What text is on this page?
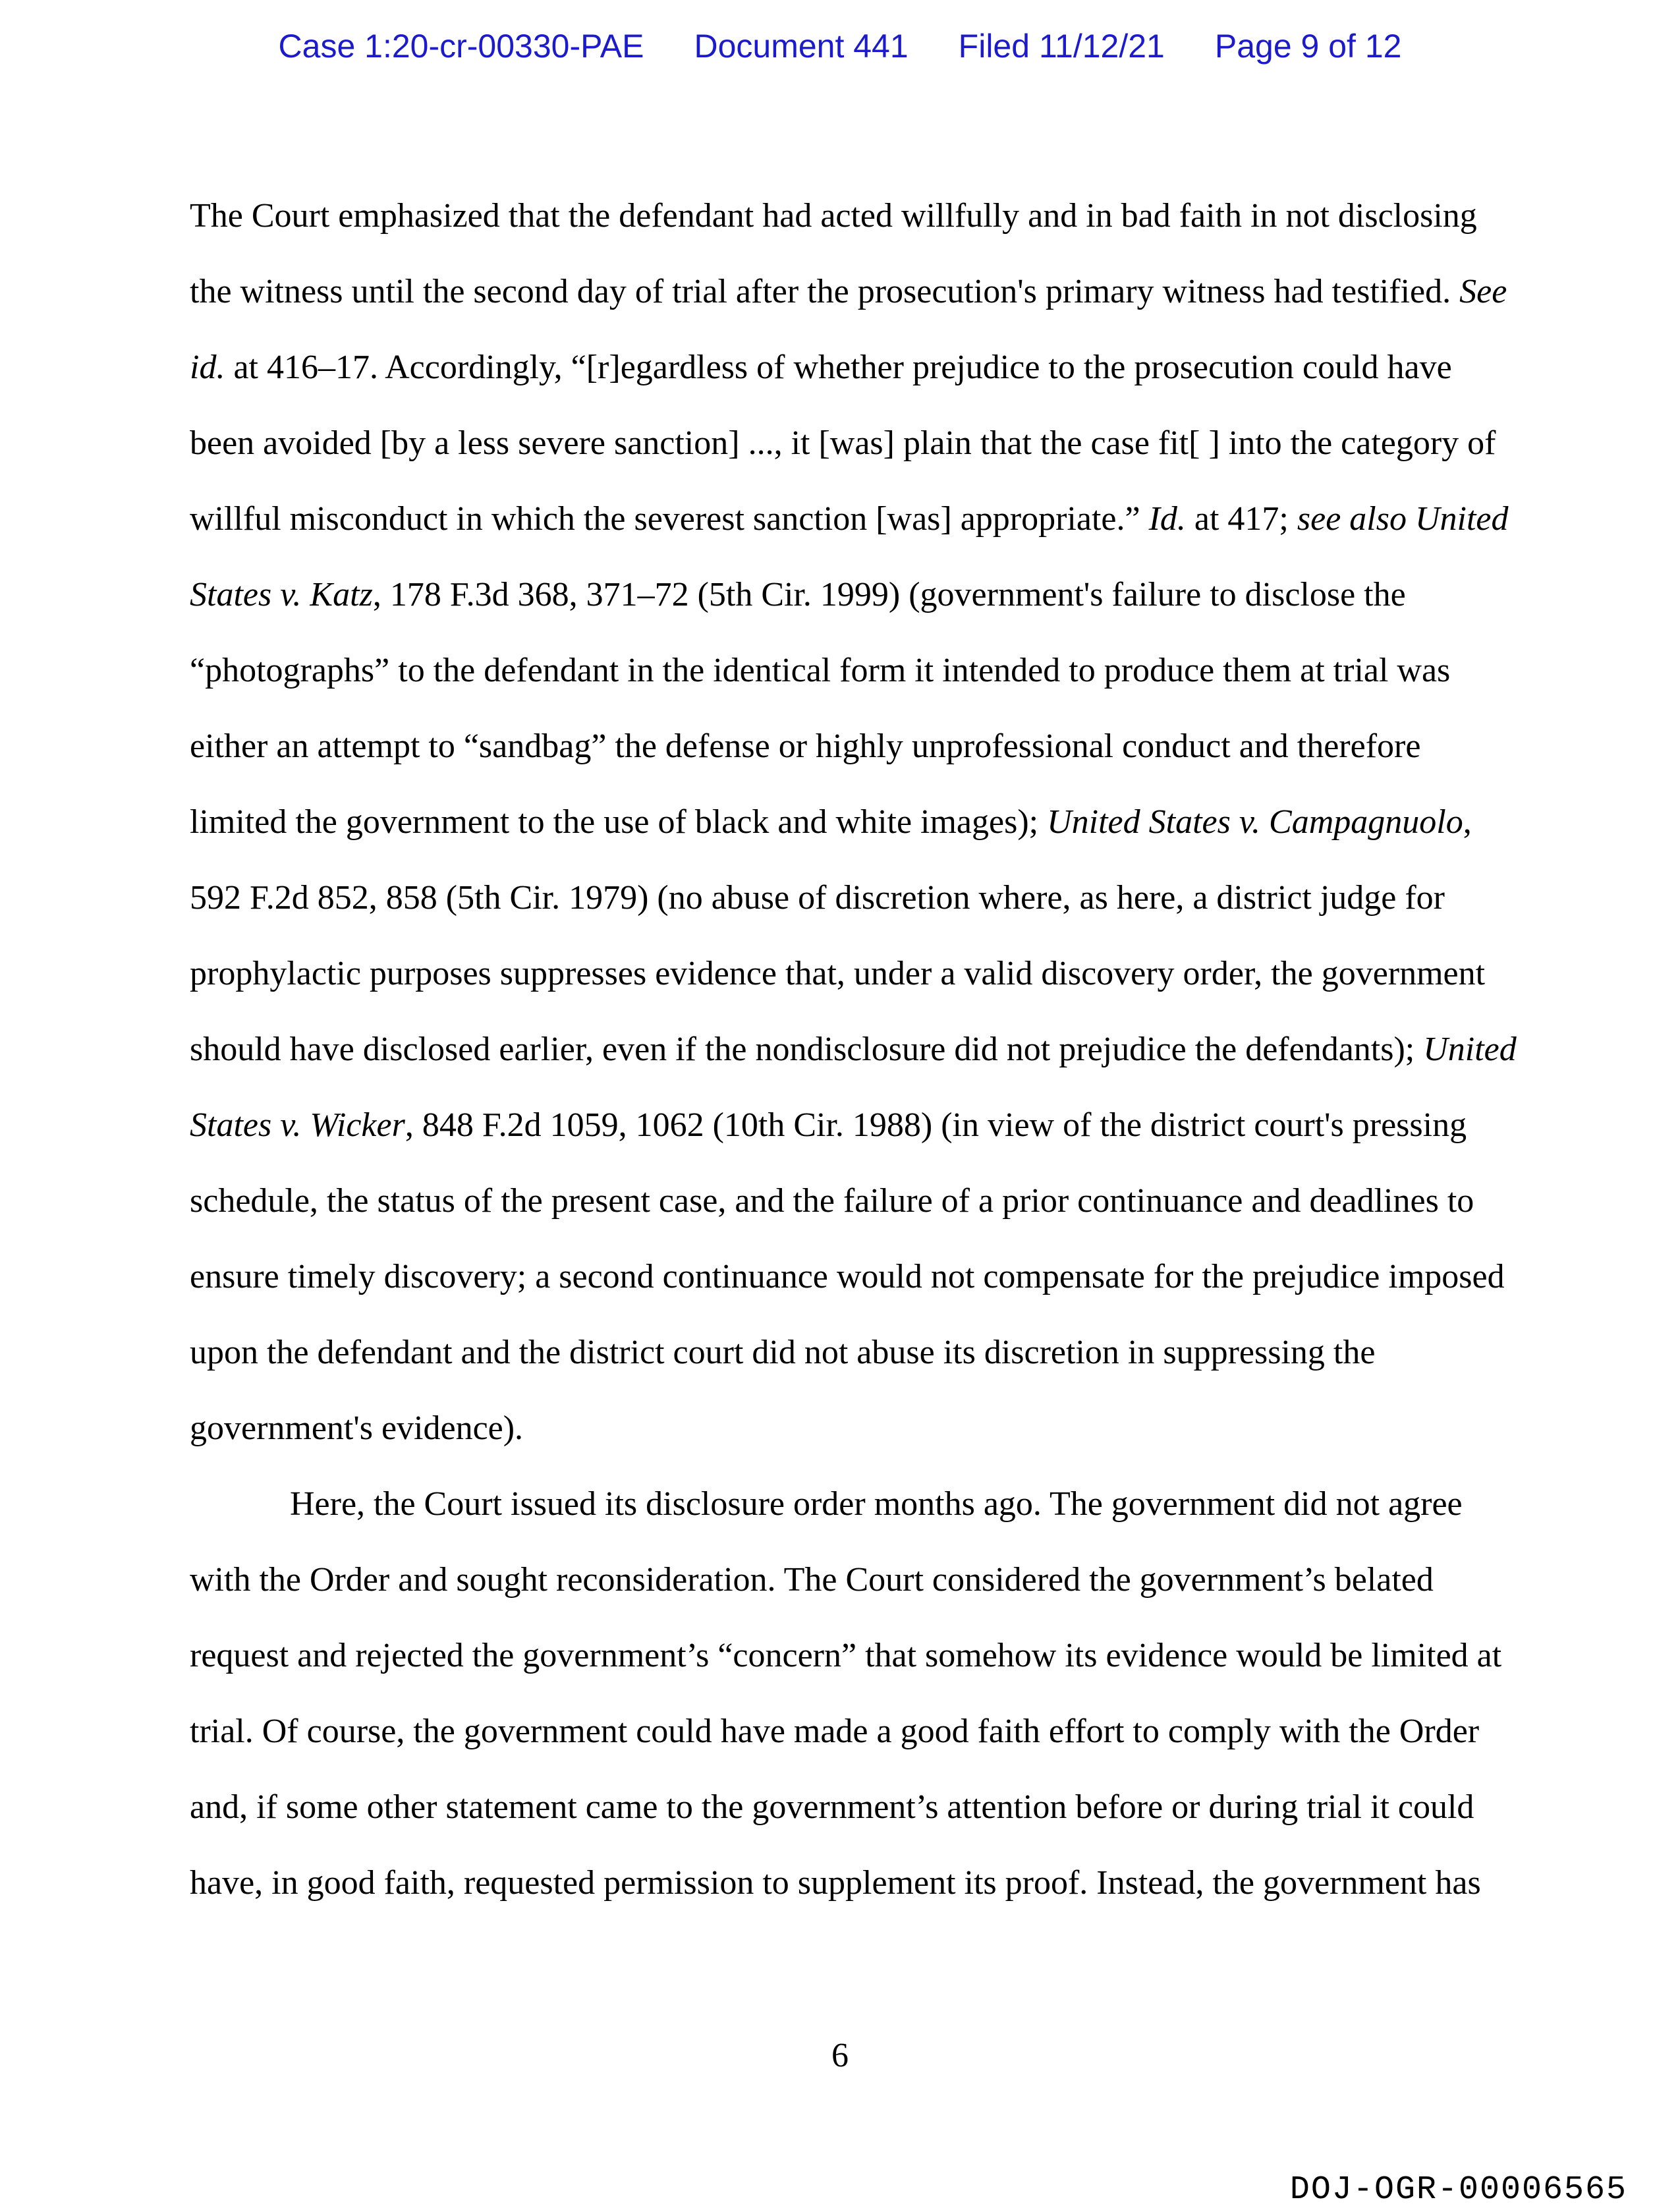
Case 1:20-cr-00330-PAE Document 441 Filed 11/12/21 Page 9 of 12
The Court emphasized that the defendant had acted willfully and in bad faith in not disclosing
the witness until the second day of trial after the prosecution's primary witness had testified. See
id. at 416–17. Accordingly, “[r]egardless of whether prejudice to the prosecution could have
been avoided [by a less severe sanction] ..., it [was] plain that the case fit[ ] into the category of
willful misconduct in which the severest sanction [was] appropriate.” Id. at 417; see also United
States v. Katz, 178 F.3d 368, 371–72 (5th Cir. 1999) (government's failure to disclose the
“photographs” to the defendant in the identical form it intended to produce them at trial was
either an attempt to “sandbag” the defense or highly unprofessional conduct and therefore
limited the government to the use of black and white images); United States v. Campagnuolo,
592 F.2d 852, 858 (5th Cir. 1979) (no abuse of discretion where, as here, a district judge for
prophylactic purposes suppresses evidence that, under a valid discovery order, the government
should have disclosed earlier, even if the nondisclosure did not prejudice the defendants); United
States v. Wicker, 848 F.2d 1059, 1062 (10th Cir. 1988) (in view of the district court's pressing
schedule, the status of the present case, and the failure of a prior continuance and deadlines to
ensure timely discovery; a second continuance would not compensate for the prejudice imposed
upon the defendant and the district court did not abuse its discretion in suppressing the
government's evidence).
Here, the Court issued its disclosure order months ago. The government did not agree
with the Order and sought reconsideration. The Court considered the government’s belated
request and rejected the government’s “concern” that somehow its evidence would be limited at
trial. Of course, the government could have made a good faith effort to comply with the Order
and, if some other statement came to the government’s attention before or during trial it could
have, in good faith, requested permission to supplement its proof. Instead, the government has
6
DOJ-OGR-00006565
